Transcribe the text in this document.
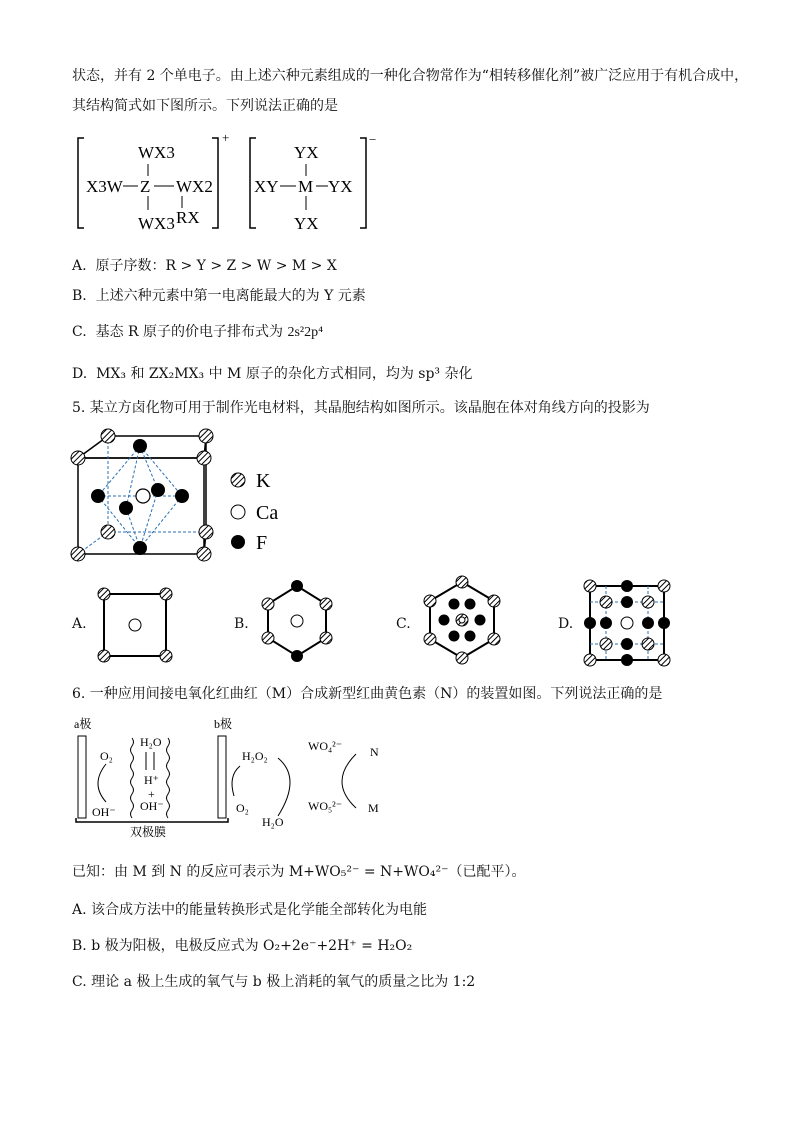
状态，并有 2 个单电子。由上述六种元素组成的一种化合物常作为“相转移催化剂”被广泛应用于有机合成中，
其结构简式如下图所示。下列说法正确的是
+
WX3
X3W Z WX2
WX3 RX
−
YX
XY M YX
YX
A. 原子序数：R > Y > Z > W > M > X
B. 上述六种元素中第一电离能最大的为 Y 元素
C. 基态 R 原子的价电子排布式为 2s²2p⁴
D. MX₃ 和 ZX₂MX₃ 中 M 原子的杂化方式相同，均为 sp³ 杂化
5. 某立方卤化物可用于制作光电材料，其晶胞结构如图所示。该晶胞在体对角线方向的投影为
K
Ca
F
A.	B.	C.	D.
6. 一种应用间接电氧化红曲红（M）合成新型红曲黄色素（N）的装置如图。下列说法正确的是
a极	b极
双极膜
O₂
OH⁻
H₂O
H⁺
+
OH⁻
H₂O₂
O₂
H₂O
WO₄²⁻
WO₅²⁻
N
M
已知：由 M 到 N 的反应可表示为 M+WO₅²⁻ = N+WO₄²⁻（已配平）。
A. 该合成方法中的能量转换形式是化学能全部转化为电能
B. b 极为阳极，电极反应式为 O₂+2e⁻+2H⁺ = H₂O₂
C. 理论 a 极上生成的氧气与 b 极上消耗的氧气的质量之比为 1:2
